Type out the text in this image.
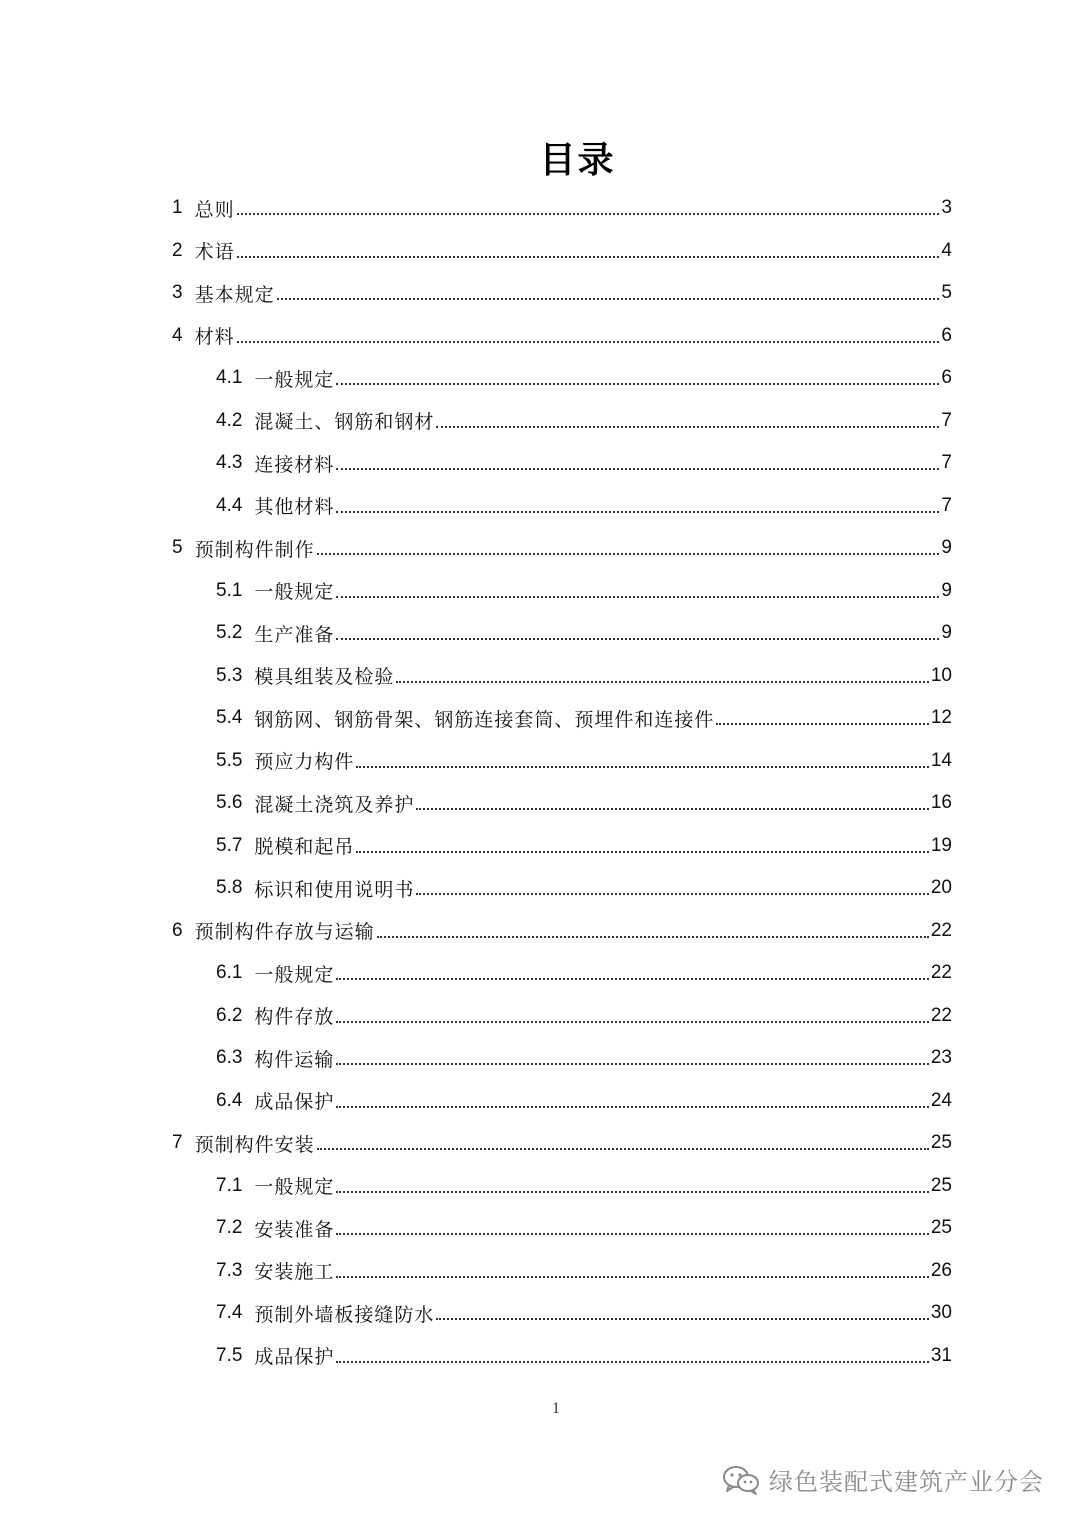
目录
1 总则	3
2 术语	4
3 基本规定	5
4 材料	6
4.1 一般规定	6
4.2 混凝土、钢筋和钢材	7
4.3 连接材料	7
4.4 其他材料	7
5 预制构件制作	9
5.1 一般规定	9
5.2 生产准备	9
5.3 模具组装及检验	10
5.4 钢筋网、钢筋骨架、钢筋连接套筒、预埋件和连接件	12
5.5 预应力构件	14
5.6 混凝土浇筑及养护	16
5.7 脱模和起吊	19
5.8 标识和使用说明书	20
6 预制构件存放与运输	22
6.1 一般规定	22
6.2 构件存放	22
6.3 构件运输	23
6.4 成品保护	24
7 预制构件安装	25
7.1 一般规定	25
7.2 安装准备	25
7.3 安装施工	26
7.4 预制外墙板接缝防水	30
7.5 成品保护	31
1
绿色装配式建筑产业分会
